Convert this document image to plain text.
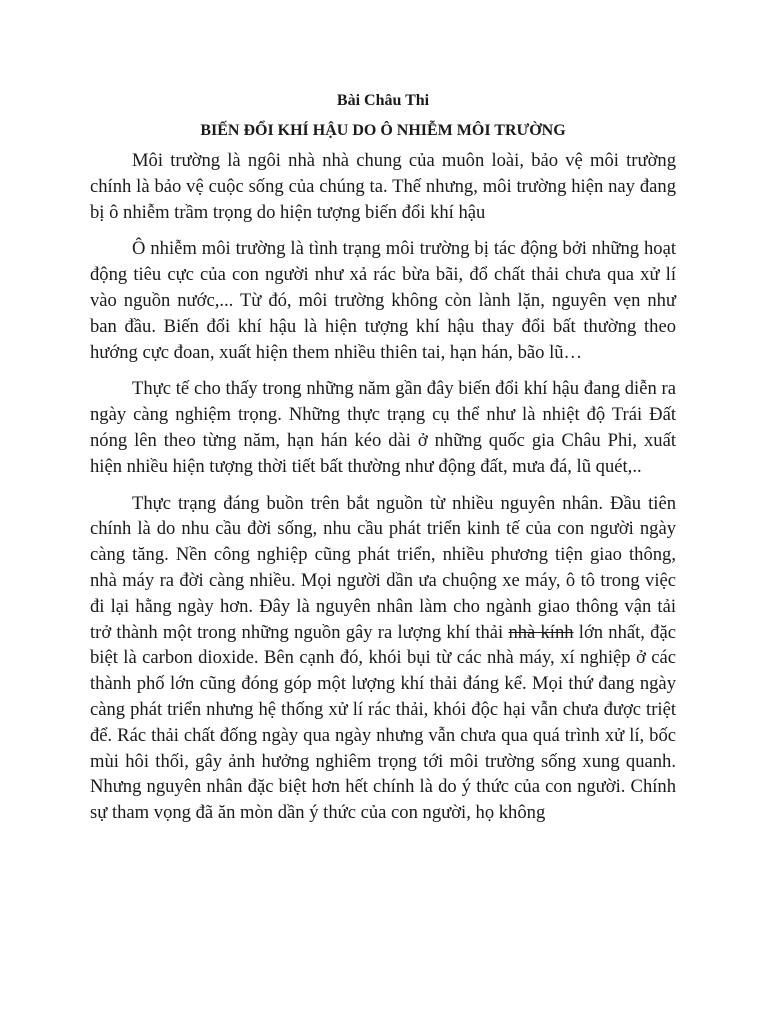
Bài Châu Thi

BIẾN ĐỔI KHÍ HẬU DO Ô NHIỄM MÔI TRƯỜNG

Môi trường là ngôi nhà nhà chung của muôn loài, bảo vệ môi trường chính là bảo vệ cuộc sống của chúng ta. Thế nhưng, môi trường hiện nay đang bị ô nhiễm trầm trọng do hiện tượng biến đổi khí hậu

Ô nhiễm môi trường là tình trạng môi trường bị tác động bởi những hoạt động tiêu cực của con người như xả rác bừa bãi, đổ chất thải chưa qua xử lí vào nguồn nước,... Từ đó, môi trường không còn lành lặn, nguyên vẹn như ban đầu. Biến đổi khí hậu là hiện tượng khí hậu thay đổi bất thường theo hướng cực đoan, xuất hiện them nhiều thiên tai, hạn hán, bão lũ…

Thực tế cho thấy trong những năm gần đây biến đổi khí hậu đang diễn ra ngày càng nghiệm trọng. Những thực trạng cụ thể như là nhiệt độ Trái Đất nóng lên theo từng năm, hạn hán kéo dài ở những quốc gia Châu Phi, xuất hiện nhiều hiện tượng thời tiết bất thường như động đất, mưa đá, lũ quét,..

Thực trạng đáng buồn trên bắt nguồn từ nhiều nguyên nhân. Đầu tiên chính là do nhu cầu đời sống, nhu cầu phát triển kinh tế của con người ngày càng tăng. Nền công nghiệp cũng phát triển, nhiều phương tiện giao thông, nhà máy ra đời càng nhiều. Mọi người dần ưa chuộng xe máy, ô tô trong việc đi lại hằng ngày hơn. Đây là nguyên nhân làm cho ngành giao thông vận tải trở thành một trong những nguồn gây ra lượng khí thải nhà kính lớn nhất, đặc biệt là carbon dioxide. Bên cạnh đó, khói bụi từ các nhà máy, xí nghiệp ở các thành phố lớn cũng đóng góp một lượng khí thải đáng kể. Mọi thứ đang ngày càng phát triển nhưng hệ thống xử lí rác thải, khói độc hại vẫn chưa được triệt để. Rác thải chất đống ngày qua ngày nhưng vẫn chưa qua quá trình xử lí, bốc mùi hôi thối, gây ảnh hưởng nghiêm trọng tới môi trường sống xung quanh. Nhưng nguyên nhân đặc biệt hơn hết chính là do ý thức của con người. Chính sự tham vọng đã ăn mòn dần ý thức của con người, họ không
